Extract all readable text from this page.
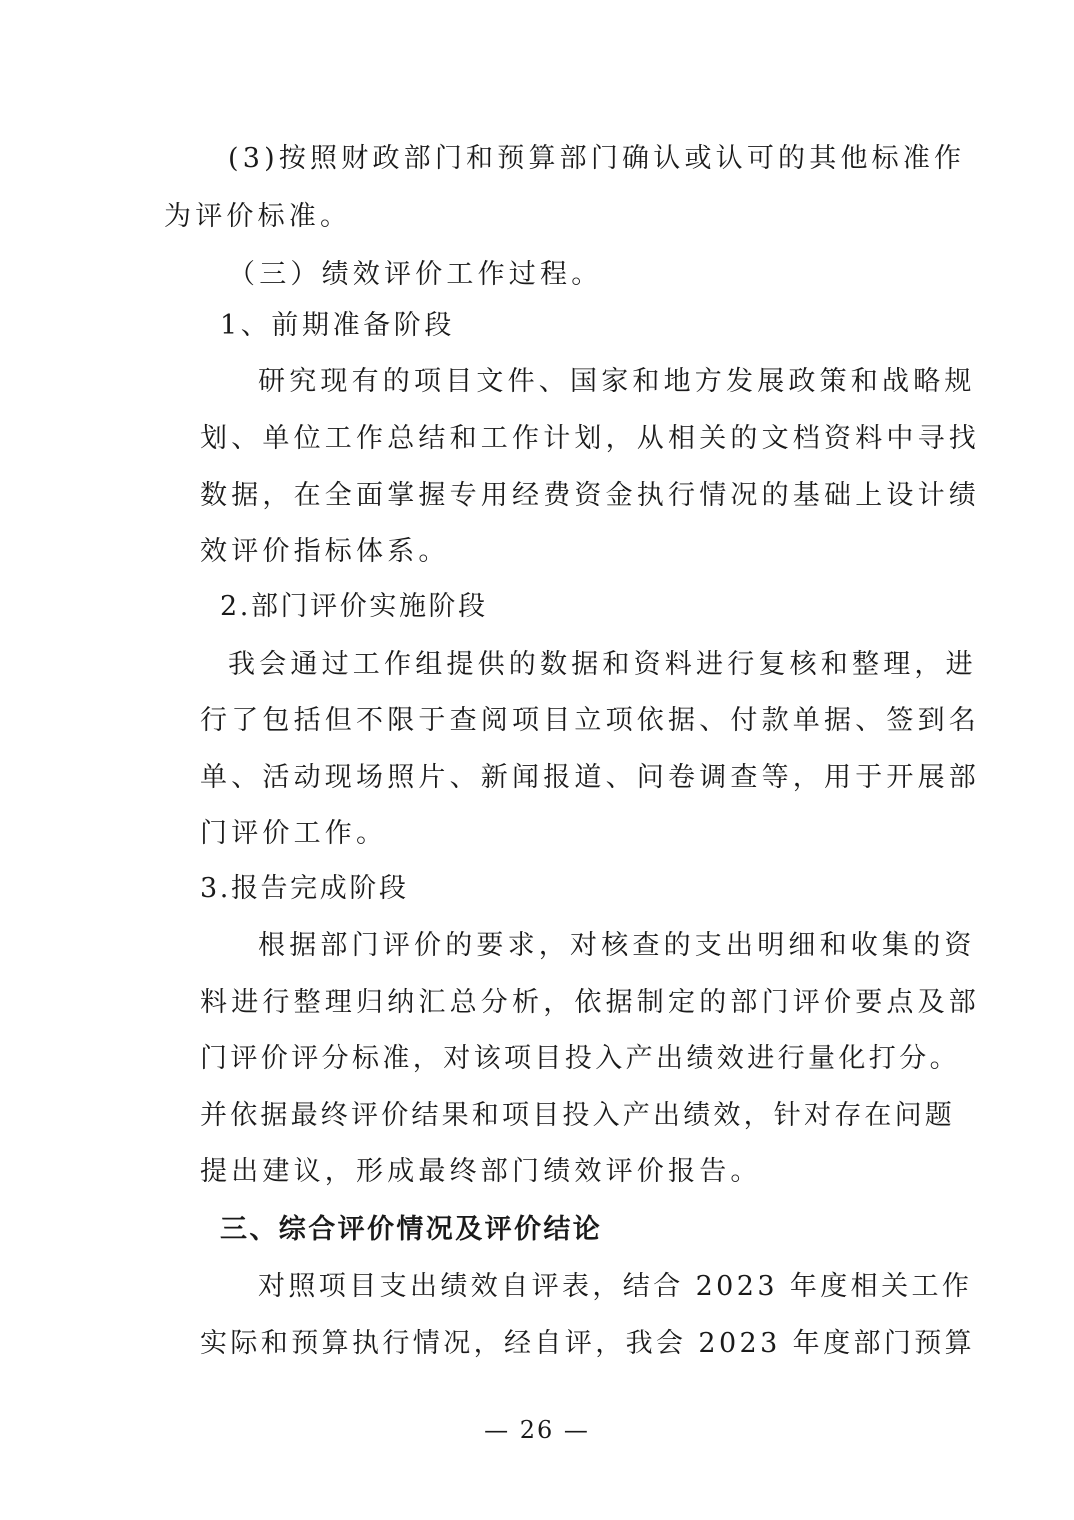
(3)按照财政部门和预算部门确认或认可的其他标准作
为评价标准。
（三）绩效评价工作过程。
1、前期准备阶段
研究现有的项目文件、国家和地方发展政策和战略规
划、单位工作总结和工作计划，从相关的文档资料中寻找
数据，在全面掌握专用经费资金执行情况的基础上设计绩
效评价指标体系。
2.部门评价实施阶段
我会通过工作组提供的数据和资料进行复核和整理，进
行了包括但不限于查阅项目立项依据、付款单据、签到名
单、活动现场照片、新闻报道、问卷调查等，用于开展部
门评价工作。
3.报告完成阶段
根据部门评价的要求，对核查的支出明细和收集的资
料进行整理归纳汇总分析，依据制定的部门评价要点及部
门评价评分标准，对该项目投入产出绩效进行量化打分。
并依据最终评价结果和项目投入产出绩效，针对存在问题
提出建议，形成最终部门绩效评价报告。
三、综合评价情况及评价结论
对照项目支出绩效自评表，结合 2023 年度相关工作
实际和预算执行情况，经自评，我会 2023 年度部门预算
— 26 —
